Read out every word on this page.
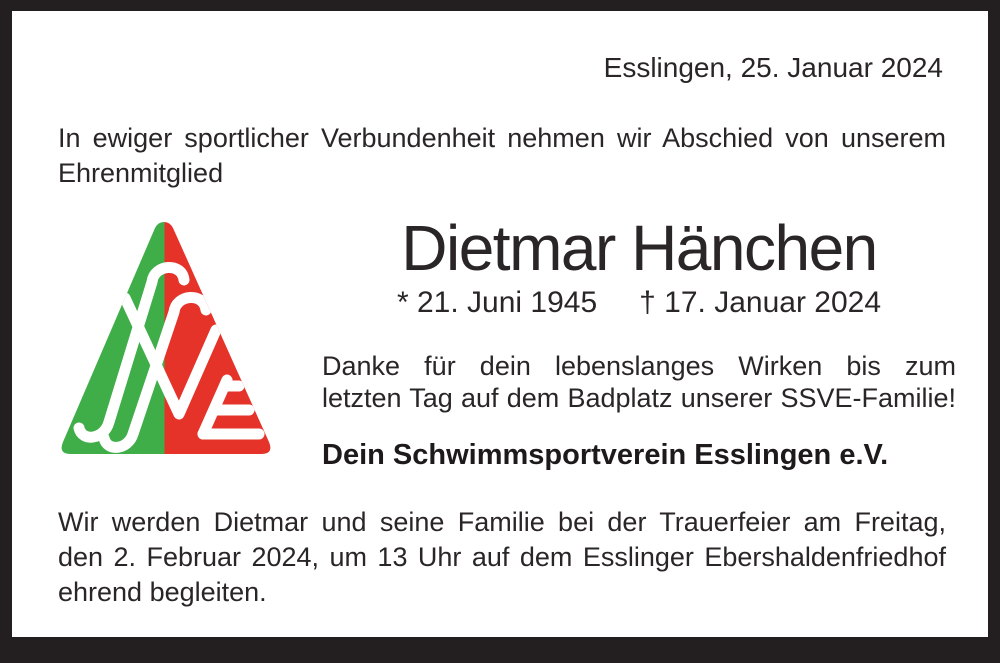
Esslingen, 25. Januar 2024
In ewiger sportlicher Verbundenheit nehmen wir Abschied von unserem
Ehrenmitglied
Dietmar Hänchen
* 21. Juni 1945 † 17. Januar 2024
Danke für dein lebenslanges Wirken bis zum
letzten Tag auf dem Badplatz unserer SSVE-Familie!
Dein Schwimmsportverein Esslingen e.V.
Wir werden Dietmar und seine Familie bei der Trauerfeier am Freitag,
den 2. Februar 2024, um 13 Uhr auf dem Esslinger Ebershaldenfriedhof
ehrend begleiten.
